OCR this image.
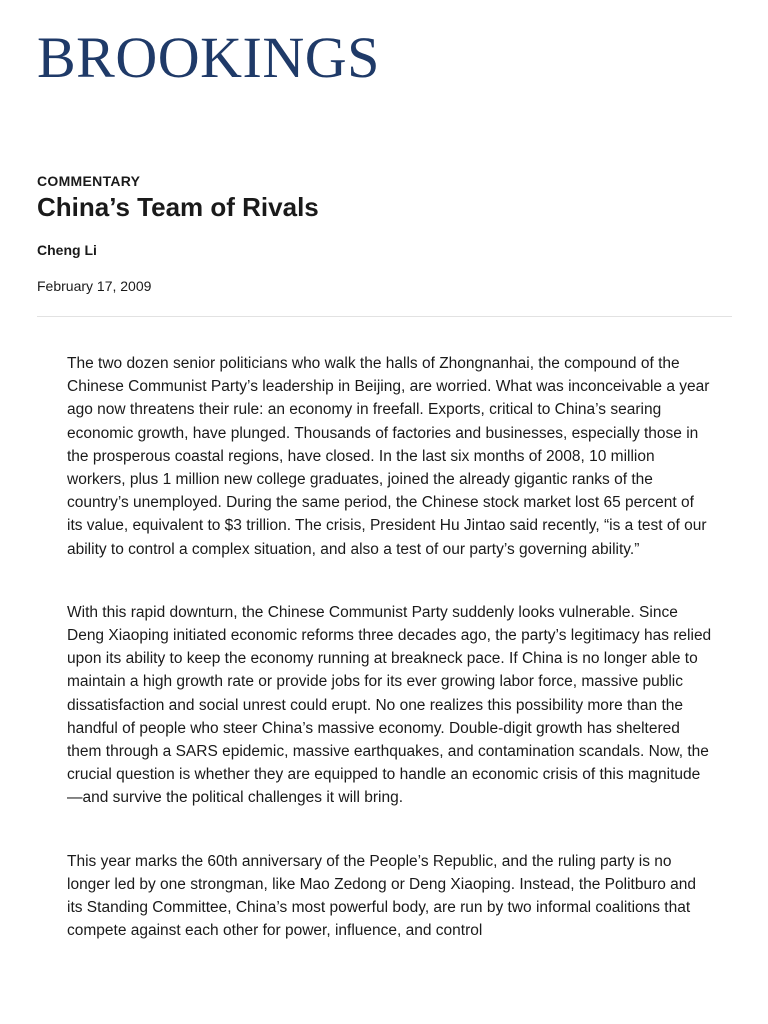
BROOKINGS
COMMENTARY
China’s Team of Rivals
Cheng Li
February 17, 2009

The two dozen senior politicians who walk the halls of Zhongnanhai, the compound of the Chinese Communist Party’s leadership in Beijing, are worried. What was inconceivable a year ago now threatens their rule: an economy in freefall. Exports, critical to China’s searing economic growth, have plunged. Thousands of factories and businesses, especially those in the prosperous coastal regions, have closed. In the last six months of 2008, 10 million workers, plus 1 million new college graduates, joined the already gigantic ranks of the country’s unemployed. During the same period, the Chinese stock market lost 65 percent of its value, equivalent to $3 trillion. The crisis, President Hu Jintao said recently, “is a test of our ability to control a complex situation, and also a test of our party’s governing ability.”

With this rapid downturn, the Chinese Communist Party suddenly looks vulnerable. Since Deng Xiaoping initiated economic reforms three decades ago, the party’s legitimacy has relied upon its ability to keep the economy running at breakneck pace. If China is no longer able to maintain a high growth rate or provide jobs for its ever growing labor force, massive public dissatisfaction and social unrest could erupt. No one realizes this possibility more than the handful of people who steer China’s massive economy. Double-digit growth has sheltered them through a SARS epidemic, massive earthquakes, and contamination scandals. Now, the crucial question is whether they are equipped to handle an economic crisis of this magnitude—and survive the political challenges it will bring.

This year marks the 60th anniversary of the People’s Republic, and the ruling party is no longer led by one strongman, like Mao Zedong or Deng Xiaoping. Instead, the Politburo and its Standing Committee, China’s most powerful body, are run by two informal coalitions that compete against each other for power, influence, and control
